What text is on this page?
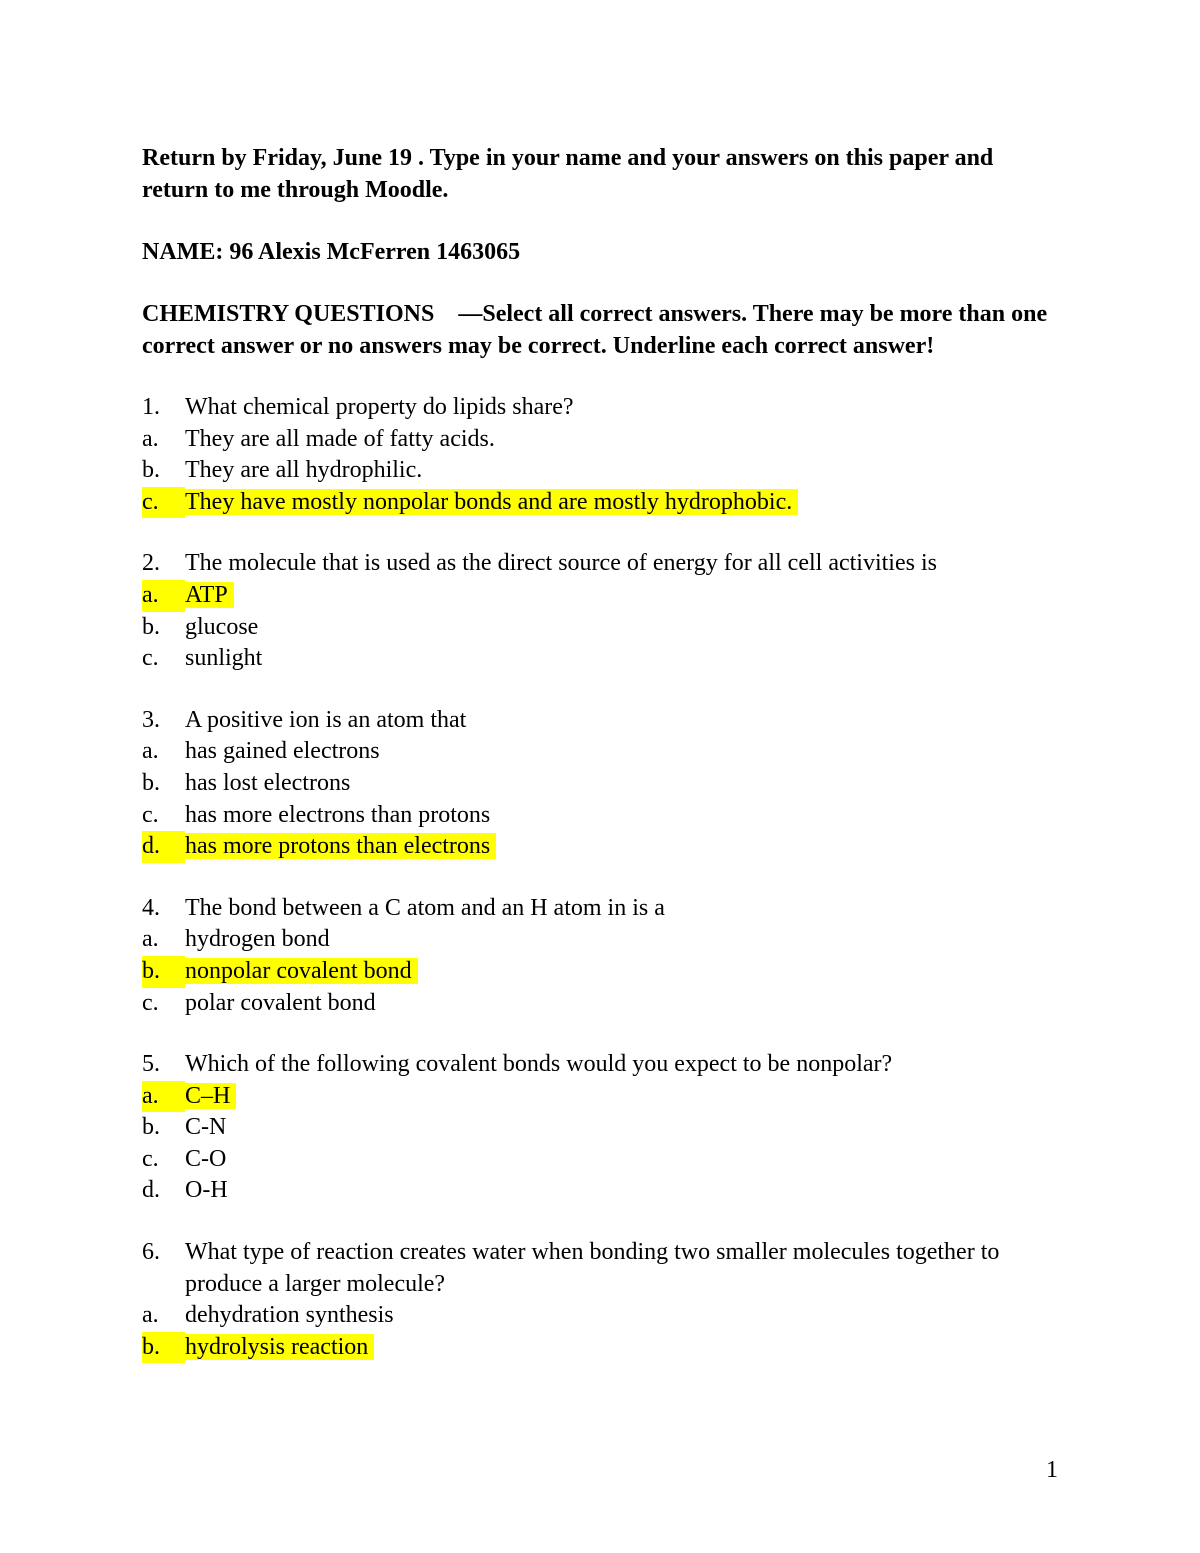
Return by Friday, June 19 . Type in your name and your answers on this paper and return to me through Moodle.

NAME: 96 Alexis McFerren 1463065

CHEMISTRY QUESTIONS —Select all correct answers. There may be more than one correct answer or no answers may be correct. Underline each correct answer!

1.	What chemical property do lipids share?
a.	They are all made of fatty acids.
b.	They are all hydrophilic.
c.	They have mostly nonpolar bonds and are mostly hydrophobic.
2.	The molecule that is used as the direct source of energy for all cell activities is
a.	ATP
b.	glucose
c.	sunlight
3.	A positive ion is an atom that
a.	has gained electrons
b.	has lost electrons
c.	has more electrons than protons
d.	has more protons than electrons
4.	The bond between a C atom and an H atom in is a
a.	hydrogen bond
b.	nonpolar covalent bond
c.	polar covalent bond
5.	Which of the following covalent bonds would you expect to be nonpolar?
a.	C–H
b.	C-N
c.	C-O
d.	O-H
6.	What type of reaction creates water when bonding two smaller molecules together to produce a larger molecule?
a.	dehydration synthesis
b.	hydrolysis reaction
1
